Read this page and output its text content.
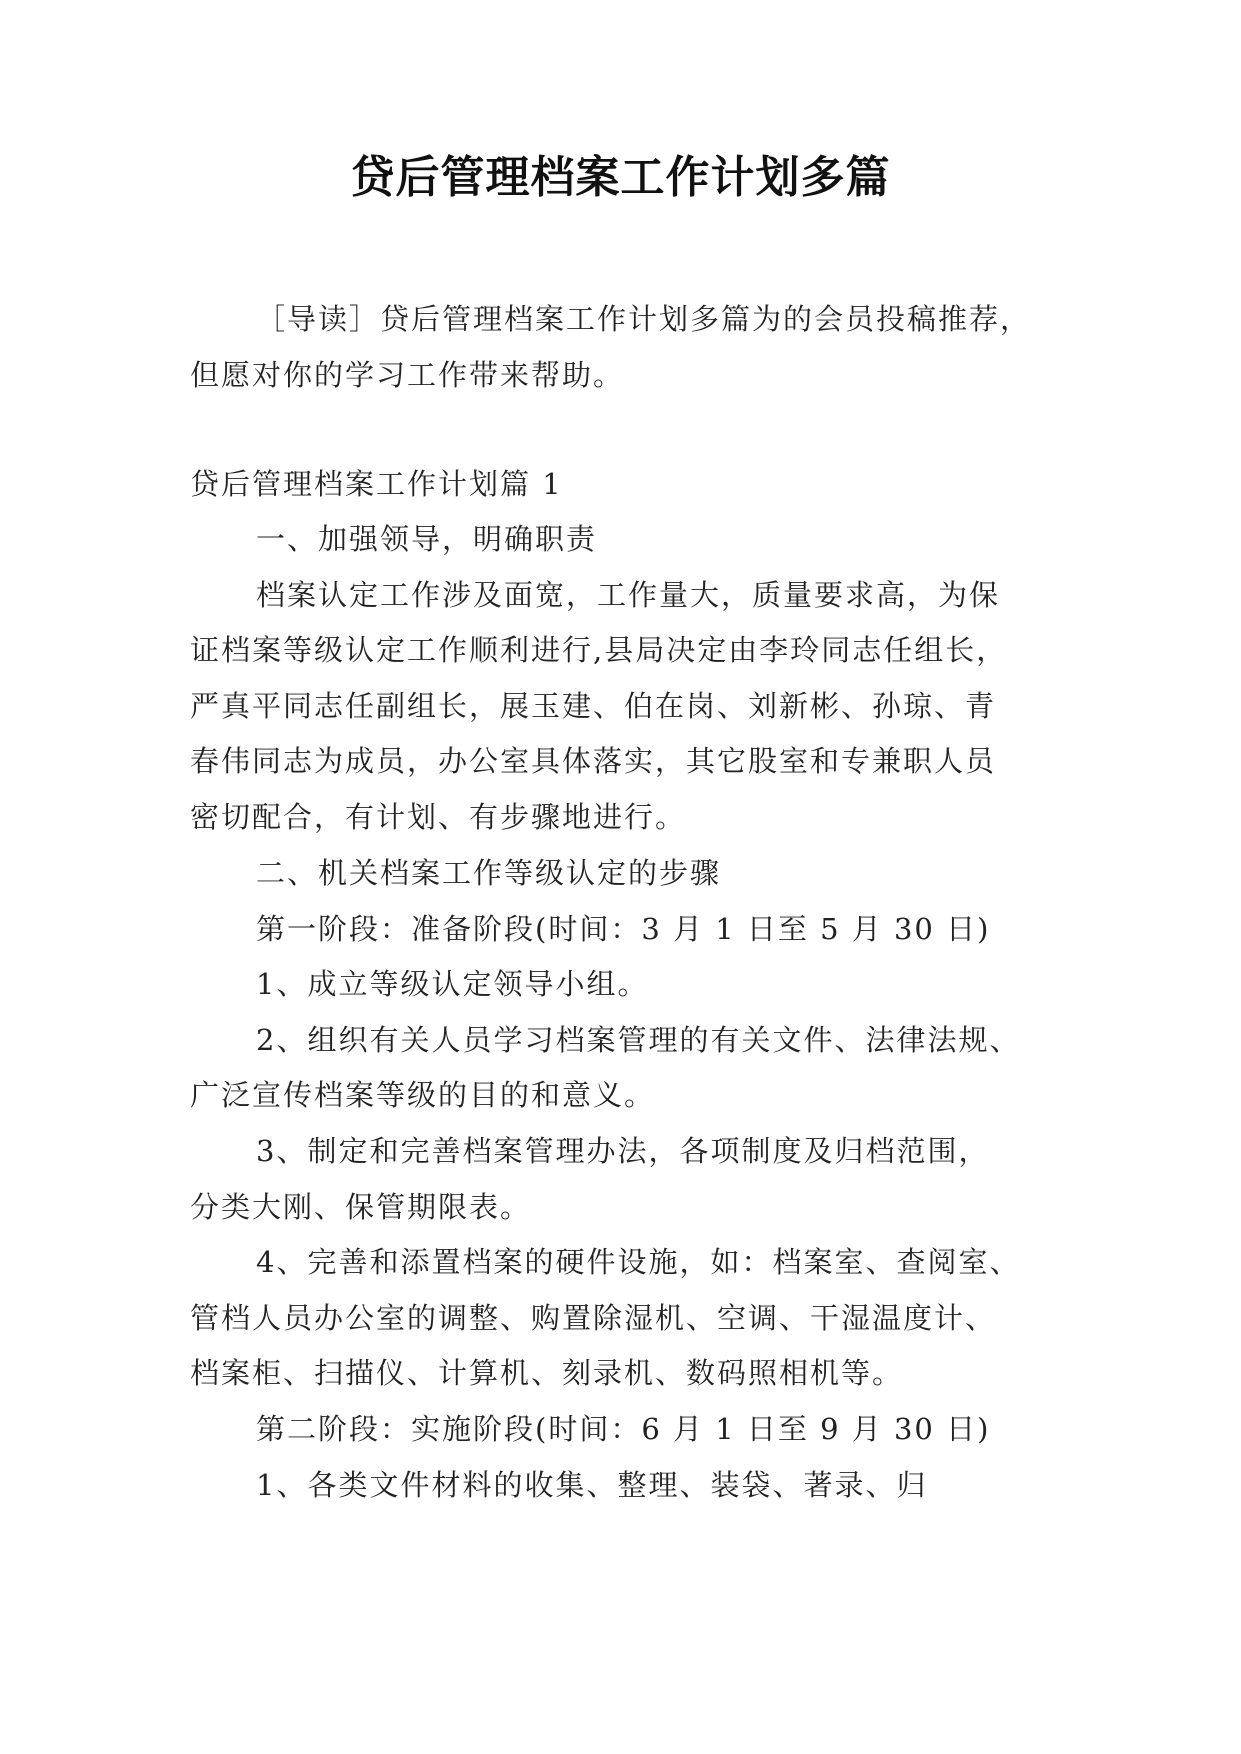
贷后管理档案工作计划多篇
［导读］贷后管理档案工作计划多篇为的会员投稿推荐，
但愿对你的学习工作带来帮助。
贷后管理档案工作计划篇 1
一、加强领导，明确职责
档案认定工作涉及面宽，工作量大，质量要求高，为保
证档案等级认定工作顺利进行,县局决定由李玲同志任组长，
严真平同志任副组长，展玉建、伯在岗、刘新彬、孙琼、青
春伟同志为成员，办公室具体落实，其它股室和专兼职人员
密切配合，有计划、有步骤地进行。
二、机关档案工作等级认定的步骤
第一阶段：准备阶段(时间：3 月 1 日至 5 月 30 日)
1、成立等级认定领导小组。
2、组织有关人员学习档案管理的有关文件、法律法规、
广泛宣传档案等级的目的和意义。
3、制定和完善档案管理办法，各项制度及归档范围，
分类大刚、保管期限表。
4、完善和添置档案的硬件设施，如：档案室、查阅室、
管档人员办公室的调整、购置除湿机、空调、干湿温度计、
档案柜、扫描仪、计算机、刻录机、数码照相机等。
第二阶段：实施阶段(时间：6 月 1 日至 9 月 30 日)
1、各类文件材料的收集、整理、装袋、著录、归
